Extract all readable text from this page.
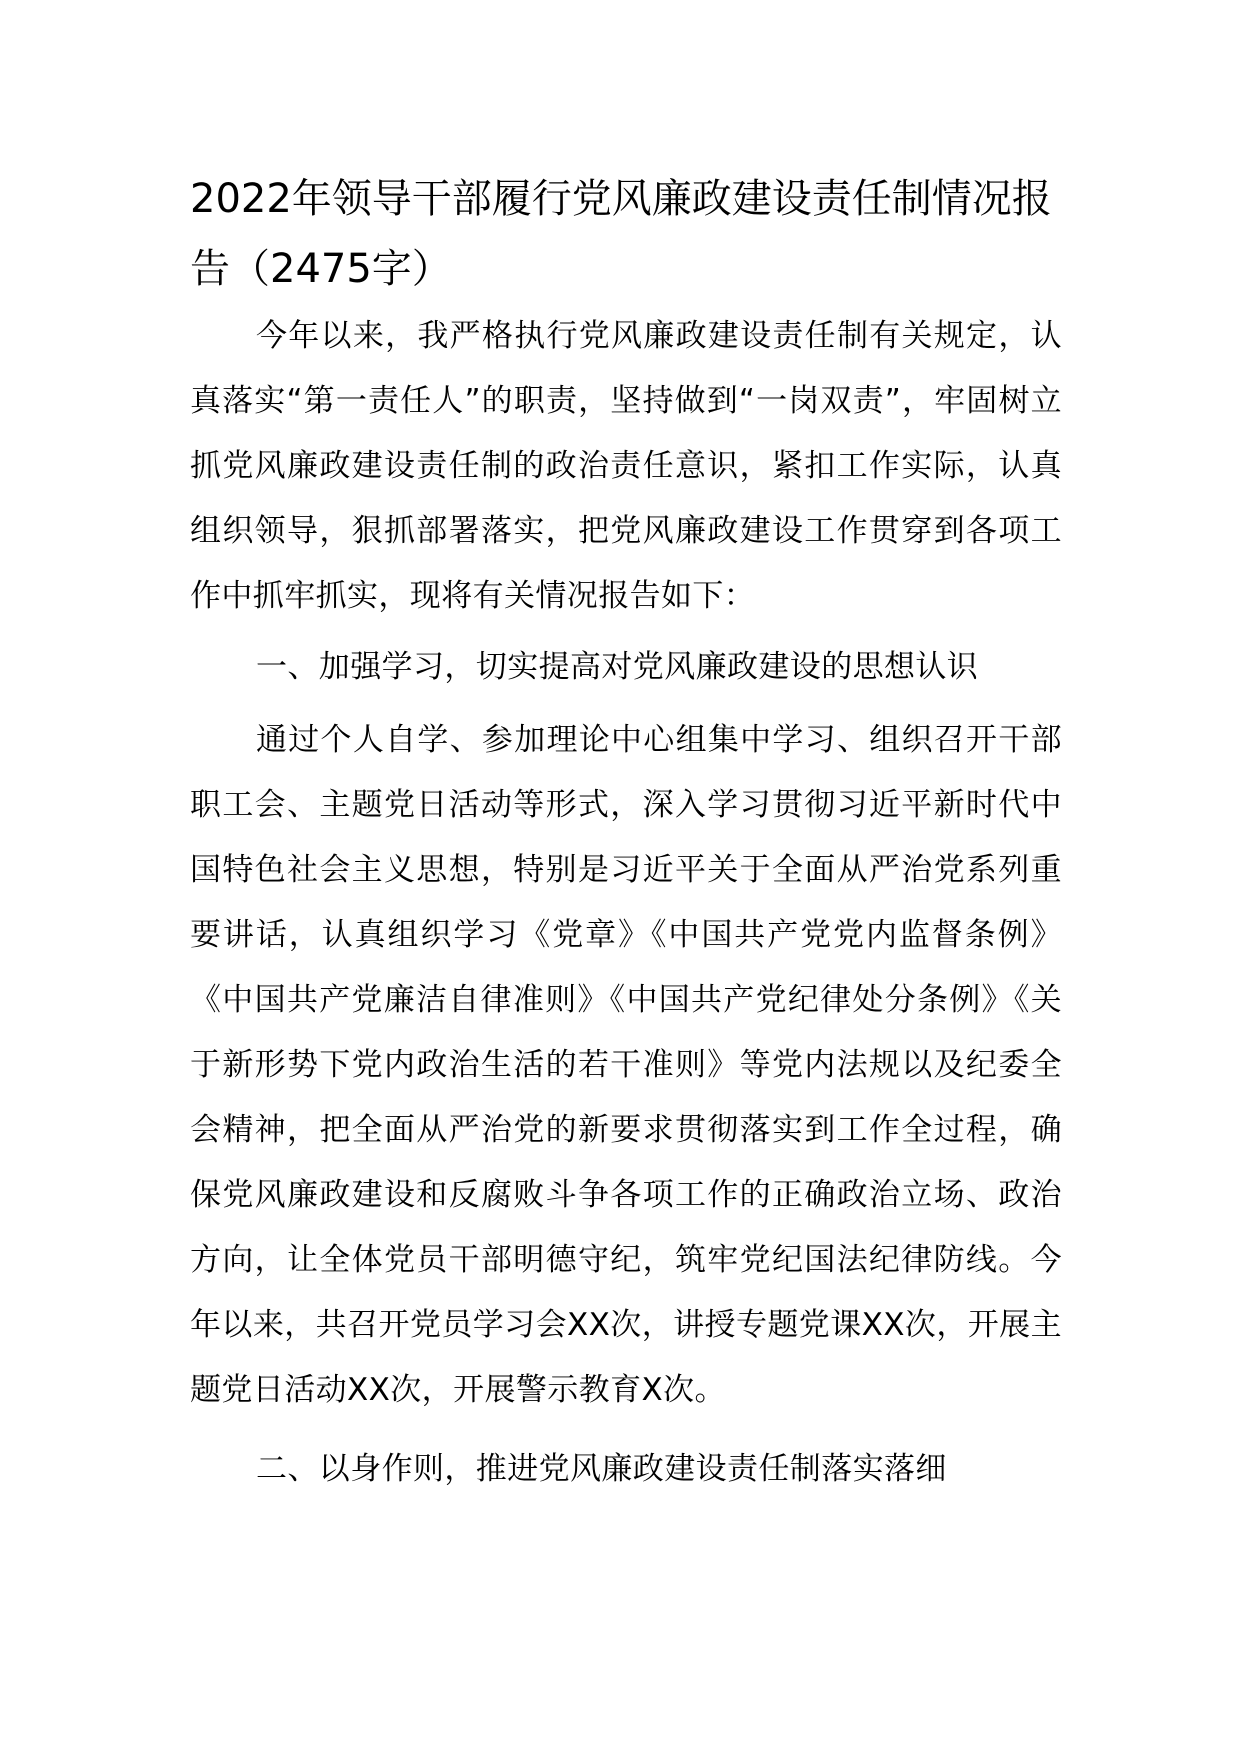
2022年领导干部履行党风廉政建设责任制情况报告（2475字）

今年以来，我严格执行党风廉政建设责任制有关规定，认真落实“第一责任人”的职责，坚持做到“一岗双责”，牢固树立抓党风廉政建设责任制的政治责任意识，紧扣工作实际，认真组织领导，狠抓部署落实，把党风廉政建设工作贯穿到各项工作中抓牢抓实，现将有关情况报告如下：

一、加强学习，切实提高对党风廉政建设的思想认识

通过个人自学、参加理论中心组集中学习、组织召开干部职工会、主题党日活动等形式，深入学习贯彻习近平新时代中国特色社会主义思想，特别是习近平关于全面从严治党系列重要讲话，认真组织学习《党章》《中国共产党党内监督条例》《中国共产党廉洁自律准则》《中国共产党纪律处分条例》《关于新形势下党内政治生活的若干准则》等党内法规以及纪委全会精神，把全面从严治党的新要求贯彻落实到工作全过程，确保党风廉政建设和反腐败斗争各项工作的正确政治立场、政治方向，让全体党员干部明德守纪，筑牢党纪国法纪律防线。今年以来，共召开党员学习会XX次，讲授专题党课XX次，开展主题党日活动XX次，开展警示教育X次。

二、以身作则，推进党风廉政建设责任制落实落细
